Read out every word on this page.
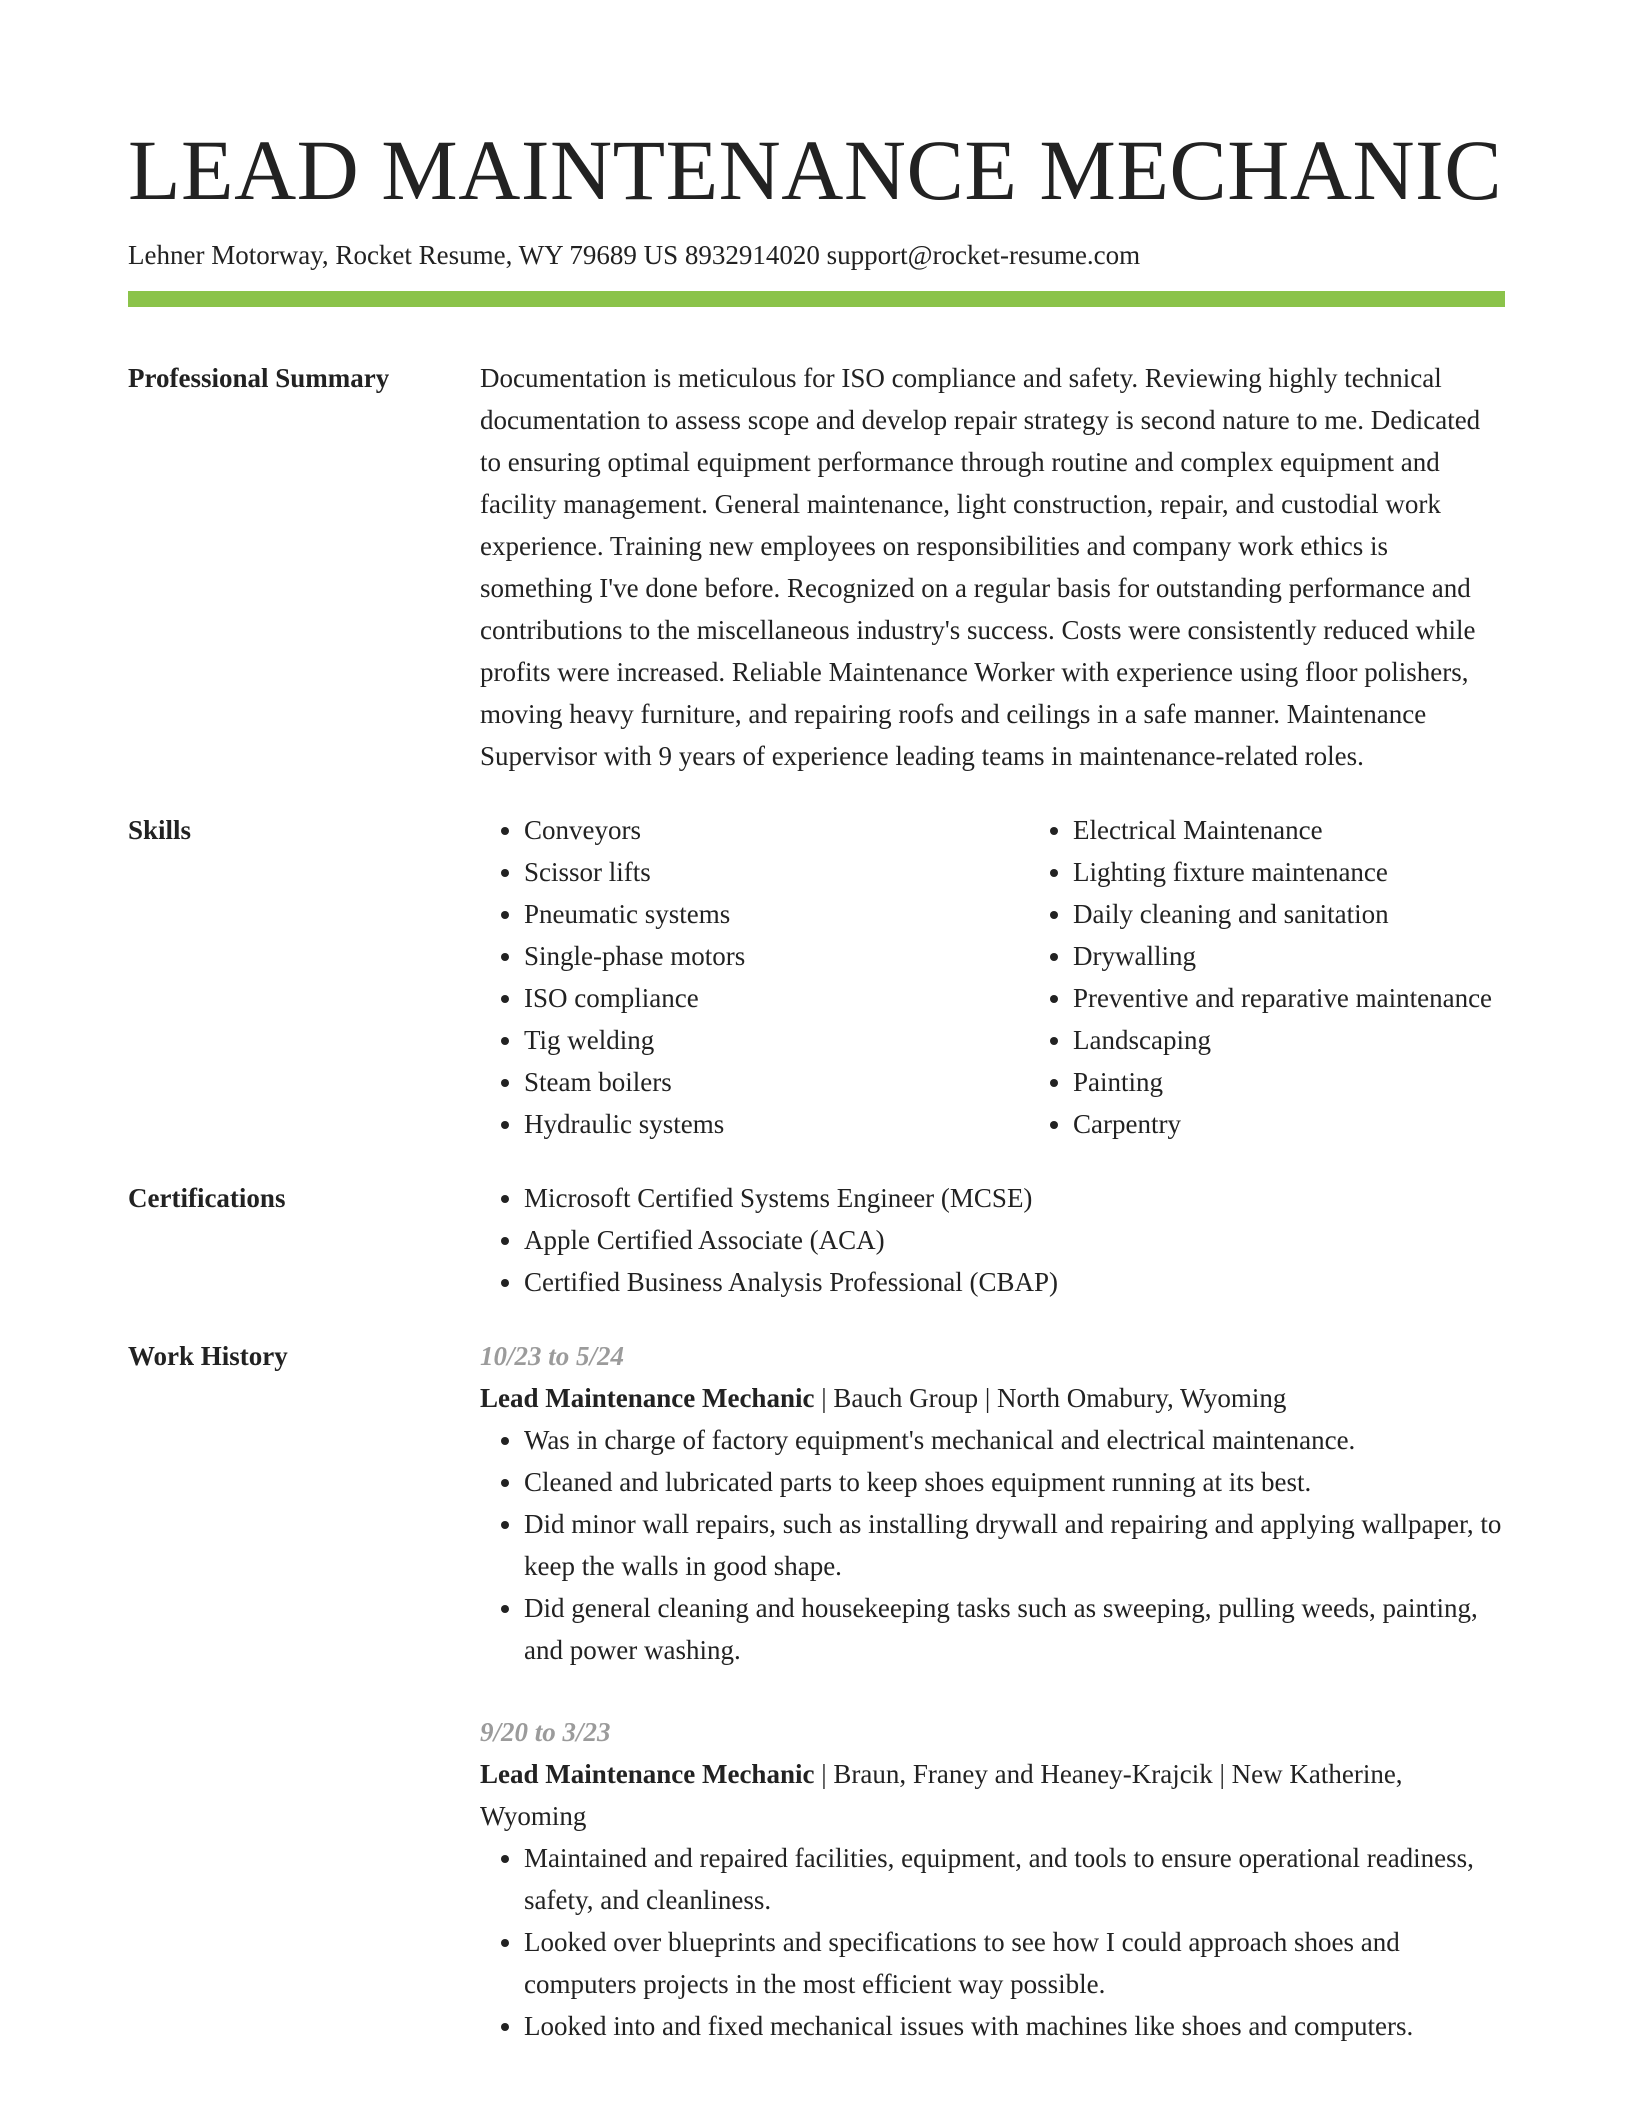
LEAD MAINTENANCE MECHANIC
Lehner Motorway, Rocket Resume, WY 79689 US 8932914020 support@rocket-resume.com
Professional Summary	Documentation is meticulous for ISO compliance and safety. Reviewing highly technical documentation to assess scope and develop repair strategy is second nature to me. Dedicated to ensuring optimal equipment performance through routine and complex equipment and facility management. General maintenance, light construction, repair, and custodial work experience. Training new employees on responsibilities and company work ethics is something I've done before. Recognized on a regular basis for outstanding performance and contributions to the miscellaneous industry's success. Costs were consistently reduced while profits were increased. Reliable Maintenance Worker with experience using floor polishers, moving heavy furniture, and repairing roofs and ceilings in a safe manner. Maintenance Supervisor with 9 years of experience leading teams in maintenance-related roles.
Skills	• Conveyors
• Scissor lifts
• Pneumatic systems
• Single-phase motors
• ISO compliance
• Tig welding
• Steam boilers
• Hydraulic systems
• Electrical Maintenance
• Lighting fixture maintenance
• Daily cleaning and sanitation
• Drywalling
• Preventive and reparative maintenance
• Landscaping
• Painting
• Carpentry
Certifications	• Microsoft Certified Systems Engineer (MCSE)
• Apple Certified Associate (ACA)
• Certified Business Analysis Professional (CBAP)
Work History	10/23 to 5/24
Lead Maintenance Mechanic | Bauch Group | North Omabury, Wyoming
• Was in charge of factory equipment's mechanical and electrical maintenance.
• Cleaned and lubricated parts to keep shoes equipment running at its best.
• Did minor wall repairs, such as installing drywall and repairing and applying wallpaper, to keep the walls in good shape.
• Did general cleaning and housekeeping tasks such as sweeping, pulling weeds, painting, and power washing.
9/20 to 3/23
Lead Maintenance Mechanic | Braun, Franey and Heaney-Krajcik | New Katherine, Wyoming
• Maintained and repaired facilities, equipment, and tools to ensure operational readiness, safety, and cleanliness.
• Looked over blueprints and specifications to see how I could approach shoes and computers projects in the most efficient way possible.
• Looked into and fixed mechanical issues with machines like shoes and computers.
